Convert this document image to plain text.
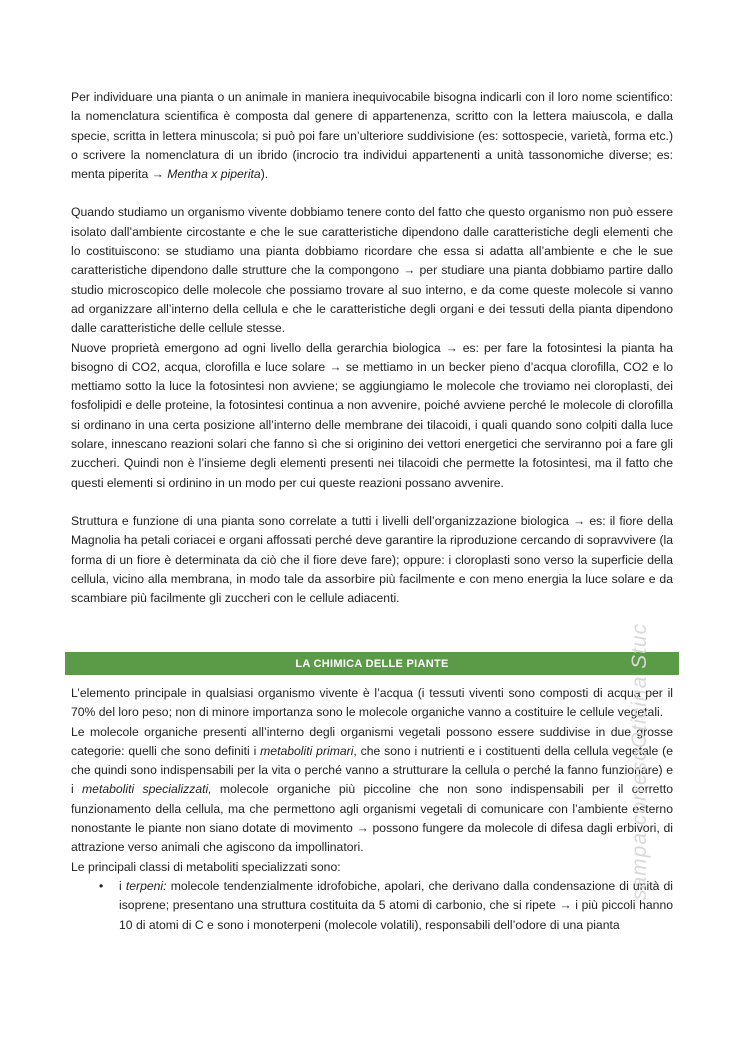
Per individuare una pianta o un animale in maniera inequivocabile bisogna indicarli con il loro nome scientifico: la nomenclatura scientifica è composta dal genere di appartenenza, scritto con la lettera maiuscola, e dalla specie, scritta in lettera minuscola; si può poi fare un’ulteriore suddivisione (es: sottospecie, varietà, forma etc.) o scrivere la nomenclatura di un ibrido (incrocio tra individui appartenenti a unità tassonomiche diverse; es: menta piperita → Mentha x piperita).

Quando studiamo un organismo vivente dobbiamo tenere conto del fatto che questo organismo non può essere isolato dall’ambiente circostante e che le sue caratteristiche dipendono dalle caratteristiche degli elementi che lo costituiscono: se studiamo una pianta dobbiamo ricordare che essa si adatta all’ambiente e che le sue caratteristiche dipendono dalle strutture che la compongono → per studiare una pianta dobbiamo partire dallo studio microscopico delle molecole che possiamo trovare al suo interno, e da come queste molecole si vanno ad organizzare all’interno della cellula e che le caratteristiche degli organi e dei tessuti della pianta dipendono dalle caratteristiche delle cellule stesse.

Nuove proprietà emergono ad ogni livello della gerarchia biologica → es: per fare la fotosintesi la pianta ha bisogno di CO2, acqua, clorofilla e luce solare → se mettiamo in un becker pieno d’acqua clorofilla, CO2 e lo mettiamo sotto la luce la fotosintesi non avviene; se aggiungiamo le molecole che troviamo nei cloroplasti, dei fosfolipidi e delle proteine, la fotosintesi continua a non avvenire, poiché avviene perché le molecole di clorofilla si ordinano in una certa posizione all’interno delle membrane dei tilacoidi, i quali quando sono colpiti dalla luce solare, innescano reazioni solari che fanno sì che si originino dei vettori energetici che serviranno poi a fare gli zuccheri. Quindi non è l’insieme degli elementi presenti nei tilacoidi che permette la fotosintesi, ma il fatto che questi elementi si ordinino in un modo per cui queste reazioni possano avvenire.

Struttura e funzione di una pianta sono correlate a tutti i livelli dell’organizzazione biologica → es: il fiore della Magnolia ha petali coriacei e organi affossati perché deve garantire la riproduzione cercando di sopravvivere (la forma di un fiore è determinata da ciò che il fiore deve fare); oppure: i cloroplasti sono verso la superficie della cellula, vicino alla membrana, in modo tale da assorbire più facilmente e con meno energia la luce solare e da scambiare più facilmente gli zuccheri con le cellule adiacenti.

LA CHIMICA DELLE PIANTE

L’elemento principale in qualsiasi organismo vivente è l’acqua (i tessuti viventi sono composti di acqua per il 70% del loro peso; non di minore importanza sono le molecole organiche vanno a costituire le cellule vegetali.

Le molecole organiche presenti all’interno degli organismi vegetali possono essere suddivise in due grosse categorie: quelli che sono definiti i metaboliti primari, che sono i nutrienti e i costituenti della cellula vegetale (e che quindi sono indispensabili per la vita o perché vanno a strutturare la cellula o perché la fanno funzionare) e i metaboliti specializzati, molecole organiche più piccoline che non sono indispensabili per il corretto funzionamento della cellula, ma che permettono agli organismi vegetali di comunicare con l’ambiente esterno nonostante le piante non siano dotate di movimento → possono fungere da molecole di difesa dagli erbivori, di attrazione verso animali che agiscono da impollinatori.

Le principali classi di metaboliti specializzati sono:

• i terpeni: molecole tendenzialmente idrofobiche, apolari, che derivano dalla condensazione di unità di isoprene; presentano una struttura costituita da 5 atomi di carbonio, che si ripete → i più piccoli hanno 10 di atomi di C e sono i monoterpeni (molecole volatili), responsabili dell’odore di una pianta
sampa corresoOticina Stuc
